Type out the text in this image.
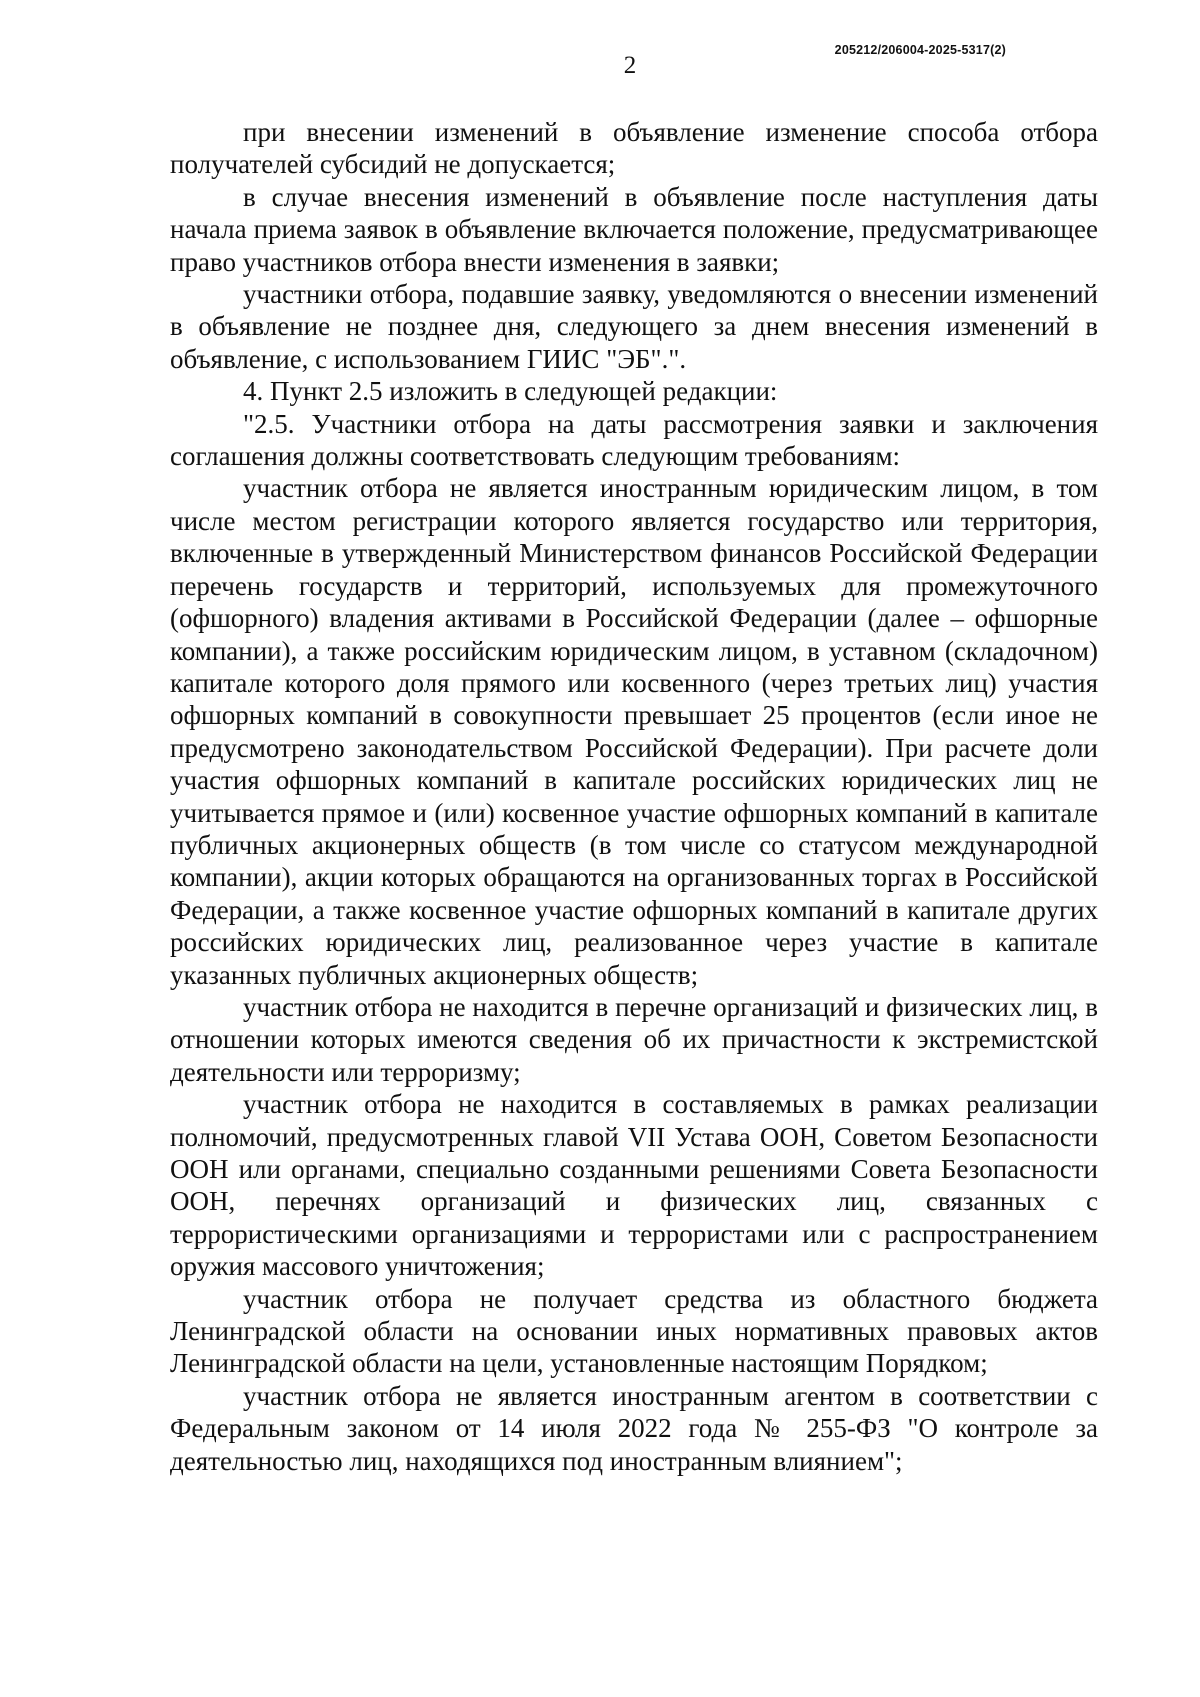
2
205212/206004-2025-5317(2)

при внесении изменений в объявление изменение способа отбора получателей субсидий не допускается;

в случае внесения изменений в объявление после наступления даты начала приема заявок в объявление включается положение, предусматривающее право участников отбора внести изменения в заявки;

участники отбора, подавшие заявку, уведомляются о внесении изменений в объявление не позднее дня, следующего за днем внесения изменений в объявление, с использованием ГИИС "ЭБ".".

4. Пункт 2.5 изложить в следующей редакции:

"2.5. Участники отбора на даты рассмотрения заявки и заключения соглашения должны соответствовать следующим требованиям:

участник отбора не является иностранным юридическим лицом, в том числе местом регистрации которого является государство или территория, включенные в утвержденный Министерством финансов Российской Федерации перечень государств и территорий, используемых для промежуточного (офшорного) владения активами в Российской Федерации (далее – офшорные компании), а также российским юридическим лицом, в уставном (складочном) капитале которого доля прямого или косвенного (через третьих лиц) участия офшорных компаний в совокупности превышает 25 процентов (если иное не предусмотрено законодательством Российской Федерации). При расчете доли участия офшорных компаний в капитале российских юридических лиц не учитывается прямое и (или) косвенное участие офшорных компаний в капитале публичных акционерных обществ (в том числе со статусом международной компании), акции которых обращаются на организованных торгах в Российской Федерации, а также косвенное участие офшорных компаний в капитале других российских юридических лиц, реализованное через участие в капитале указанных публичных акционерных обществ;

участник отбора не находится в перечне организаций и физических лиц, в отношении которых имеются сведения об их причастности к экстремистской деятельности или терроризму;

участник отбора не находится в составляемых в рамках реализации полномочий, предусмотренных главой VII Устава ООН, Советом Безопасности ООН или органами, специально созданными решениями Совета Безопасности ООН, перечнях организаций и физических лиц, связанных с террористическими организациями и террористами или с распространением оружия массового уничтожения;

участник отбора не получает средства из областного бюджета Ленинградской области на основании иных нормативных правовых актов Ленинградской области на цели, установленные настоящим Порядком;

участник отбора не является иностранным агентом в соответствии с Федеральным законом от 14 июля 2022 года № 255-ФЗ "О контроле за деятельностью лиц, находящихся под иностранным влиянием";
